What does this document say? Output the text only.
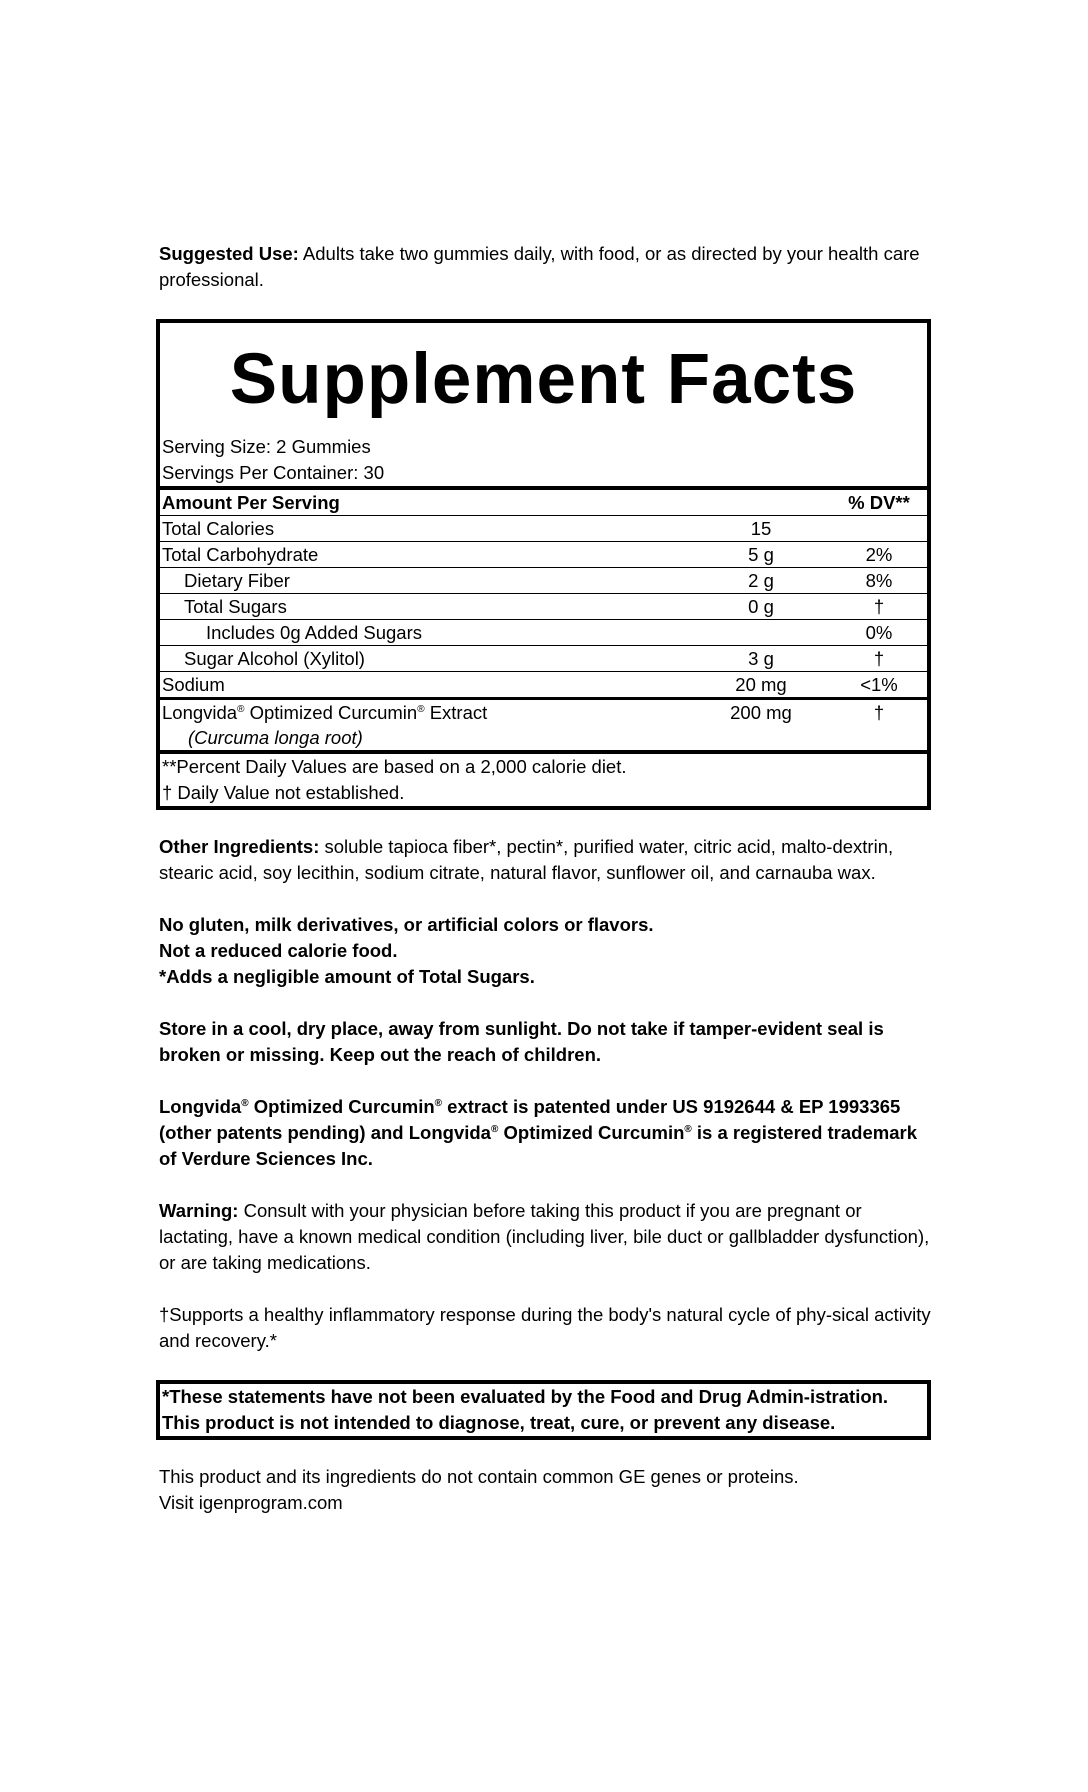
Suggested Use: Adults take two gummies daily, with food, or as directed by your health care professional.

Supplement Facts
Serving Size: 2 Gummies
Servings Per Container: 30
Amount Per Serving		% DV**
Total Calories	15	
Total Carbohydrate	5 g	2%
Dietary Fiber	2 g	8%
Total Sugars	0 g	†
Includes 0g Added Sugars		0%
Sugar Alcohol (Xylitol)	3 g	†
Sodium	20 mg	<1%
Longvida® Optimized Curcumin® Extract
(Curcuma longa root)	200 mg	†
**Percent Daily Values are based on a 2,000 calorie diet.
† Daily Value not established.

Other Ingredients: soluble tapioca fiber*, pectin*, purified water, citric acid, malto-dextrin, stearic acid, soy lecithin, sodium citrate, natural flavor, sunflower oil, and carnauba wax.

No gluten, milk derivatives, or artificial colors or flavors.

Not a reduced calorie food.

*Adds a negligible amount of Total Sugars.

Store in a cool, dry place, away from sunlight. Do not take if tamper-evident seal is broken or missing. Keep out the reach of children.

Longvida® Optimized Curcumin® extract is patented under US 9192644 & EP 1993365 (other patents pending) and Longvida® Optimized Curcumin® is a registered trademark of Verdure Sciences Inc.

Warning: Consult with your physician before taking this product if you are pregnant or lactating, have a known medical condition (including liver, bile duct or gallbladder dysfunction), or are taking medications.

†Supports a healthy inflammatory response during the body's natural cycle of phy-sical activity and recovery.*

*These statements have not been evaluated by the Food and Drug Admin-istration. This product is not intended to diagnose, treat, cure, or prevent any disease.

This product and its ingredients do not contain common GE genes or proteins.

Visit igenprogram.com
